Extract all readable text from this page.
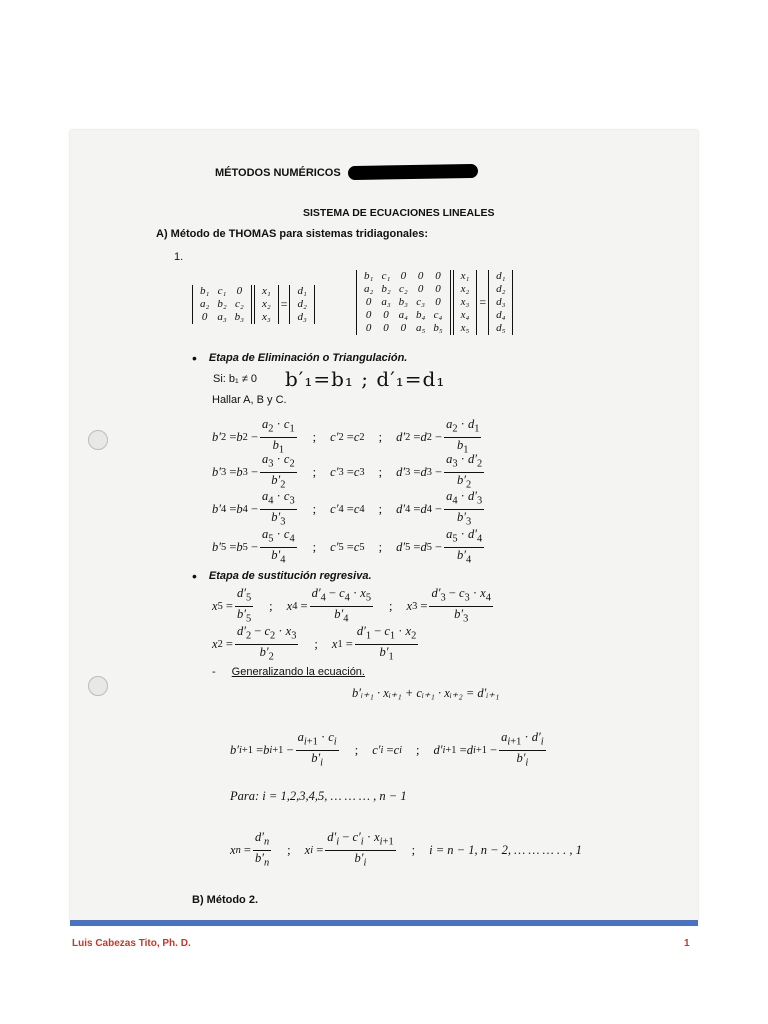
MÉTODOS NUMÉRICOS
SISTEMA DE ECUACIONES LINEALES
A) Método de THOMAS para sistemas tridiagonales:
1.
b₁	c₁	0
a₂	b₂	c₂
0	a₃	b₃
x₁
x₂
x₃
=
d₁
d₂
d₃
b₁	c₁	0	0	0
a₂	b₂	c₂	0	0
0	a₃	b₃	c₃	0
0	0	a₄	b₄	c₄
0	0	0	a₅	b₅
x₁
x₂
x₃
x₄
x₅
=
d₁
d₂
d₃
d₄
d₅
• Etapa de Eliminación o Triangulación.
Si: b₁ ≠ 0 b′₁=b₁ ; d′₁=d₁
Hallar A, B y C.
b′ 2 = b $2 - \frac{a_2 \cdot c_1}{b_1}$ ; c′ 2 = c 2 ; d′ 2 = d $2 - \frac{a_2 \cdot d_1}{b_1}$
b′ 3 = b $3 - \frac{a_3 \cdot c_2}{b'_2}$ ; c′ 3 = c 3 ; d′ 3 = d $3 - \frac{a_3 \cdot d'_2}{b'_2}$
b′ 4 = b $4 - \frac{a_4 \cdot c_3}{b'_3}$ ; c′ 4 = c 4 ; d′ 4 = d $4 - \frac{a_4 \cdot d'_3}{b'_3}$
b′ 5 = b $5 - \frac{a_5 \cdot c_4}{b'_4}$ ; c′ 5 = c 5 ; d′ 5 = d $5 - \frac{a_5 \cdot d'_4}{b'_4}$
• Etapa de sustitución regresiva.
x $5 = \frac{d'_5}{b'_5}$ ; x $4 = \frac{d'_4 - c_4 \cdot x_5}{b'_4}$ ; x $3 = \frac{d'_3 - c_3 \cdot x_4}{b'_3}$
x $2 = \frac{d'_2 - c_2 \cdot x_3}{b'_2}$ ; x $1 = \frac{d'_1 - c_1 \cdot x_2}{b'_1}$
- Generalizando la ecuación.
b′ᵢ₊₁ · xᵢ₊₁ + cᵢ₊₁ · xᵢ₊₂ = d′ᵢ₊₁
b′ i+1 = b $i+1 - \frac{a_{i+1} \cdot c_i}{b'_i}$ ; c′ i = c i ; d′ i+1 = d $i+1 - \frac{a_{i+1} \cdot d'_i}{b'_i}$
Para: i = 1,2,3,4,5, … … … , n − 1
x $n = \frac{d'_n}{b'_n}$ ; x $i = \frac{d'_i - c'_i \cdot x_{i+1}}{b'_i}$ ; i = n − 1, n − 2, … … … . . , 1
B) Método 2.
Luis Cabezas Tito, Ph. D.	1
